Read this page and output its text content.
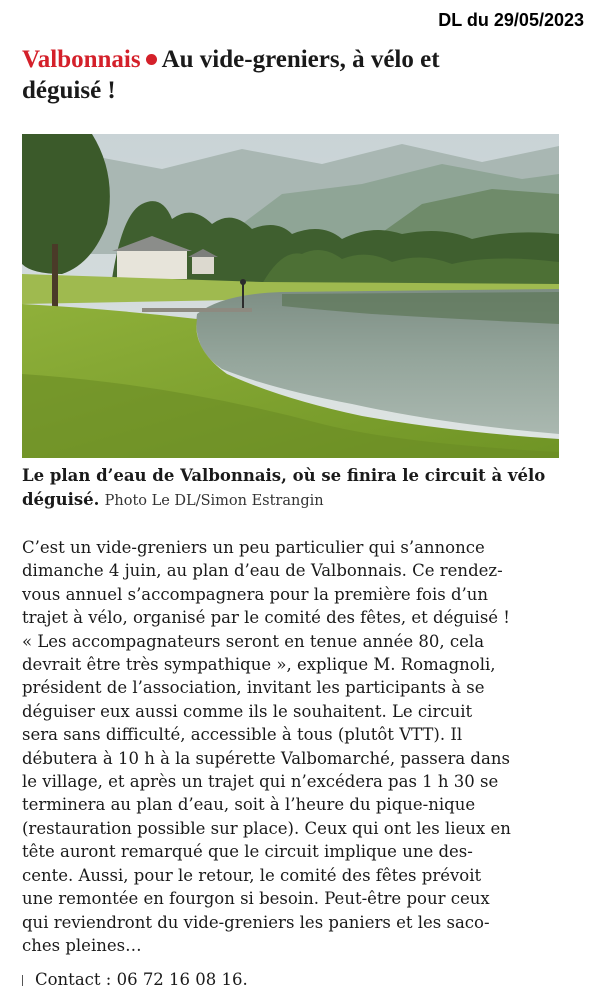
DL du 29/05/2023
Valbonnais Au vide-greniers, à vélo et
déguisé !

Le plan d’eau de Valbonnais, où se finira le circuit à vélo déguisé. Photo Le DL/Simon Estrangin

C’est un vide-greniers un peu particulier qui s’annonce
dimanche 4 juin, au plan d’eau de Valbonnais. Ce rendez-
vous annuel s’accompagnera pour la première fois d’un
trajet à vélo, organisé par le comité des fêtes, et déguisé !
« Les accompagnateurs seront en tenue année 80, cela
devrait être très sympathique », explique M. Romagnoli,
président de l’association, invitant les participants à se
déguiser eux aussi comme ils le souhaitent. Le circuit
sera sans difficulté, accessible à tous (plutôt VTT). Il
débutera à 10 h à la supérette Valbomarché, passera dans
le village, et après un trajet qui n’excédera pas 1 h 30 se
terminera au plan d’eau, soit à l’heure du pique-nique
(restauration possible sur place). Ceux qui ont les lieux en
tête auront remarqué que le circuit implique une des-
cente. Aussi, pour le retour, le comité des fêtes prévoit
une remontée en fourgon si besoin. Peut-être pour ceux
qui reviendront du vide-greniers les paniers et les saco-
ches pleines…
Contact : 06 72 16 08 16.
